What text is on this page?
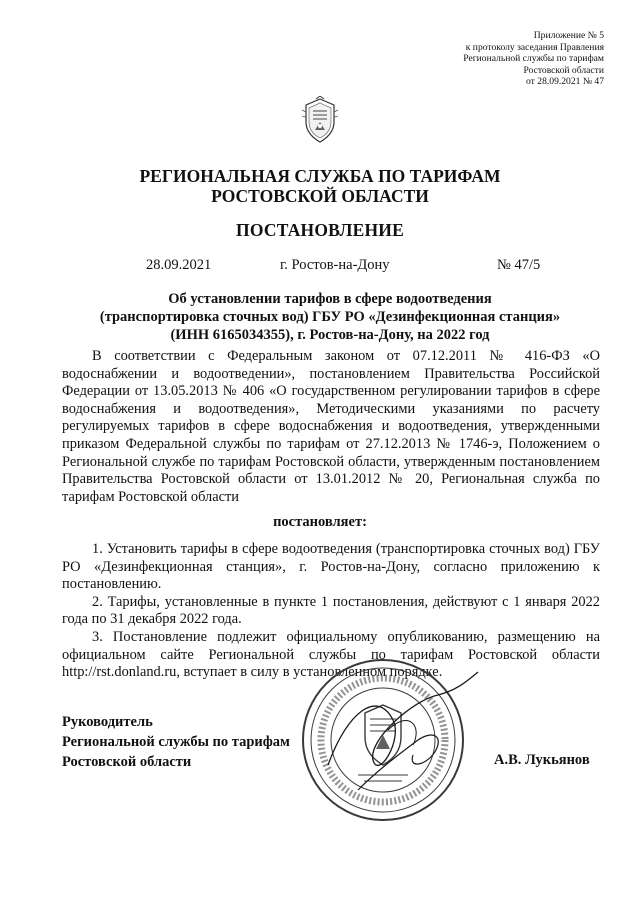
Приложение № 5
к протоколу заседания Правления
Региональной службы по тарифам
Ростовской области
от 28.09.2021 № 47
РЕГИОНАЛЬНАЯ СЛУЖБА ПО ТАРИФАМ
РОСТОВСКОЙ ОБЛАСТИ
ПОСТАНОВЛЕНИЕ
28.09.2021	г. Ростов-на-Дону	№ 47/5
Об установлении тарифов в сфере водоотведения
(транспортировка сточных вод) ГБУ РО «Дезинфекционная станция»
(ИНН 6165034355), г. Ростов-на-Дону, на 2022 год

В соответствии с Федеральным законом от 07.12.2011 № 416-ФЗ «О водоснабжении и водоотведении», постановлением Правительства Российской Федерации от 13.05.2013 № 406 «О государственном регулировании тарифов в сфере водоснабжения и водоотведения», Методическими указаниями по расчету регулируемых тарифов в сфере водоснабжения и водоотведения, утвержденными приказом Федеральной службы по тарифам от 27.12.2013 № 1746-э, Положением о Региональной службе по тарифам Ростовской области, утвержденным постановлением Правительства Ростовской области от 13.01.2012 № 20, Региональная служба по тарифам Ростовской области

постановляет:

1. Установить тарифы в сфере водоотведения (транспортировка сточных вод) ГБУ РО «Дезинфекционная станция», г. Ростов-на-Дону, согласно приложению к постановлению.

2. Тарифы, установленные в пункте 1 постановления, действуют с 1 января 2022 года по 31 декабря 2022 года.

3. Постановление подлежит официальному опубликованию, размещению на официальном сайте Региональной службы по тарифам Ростовской области http://rst.donland.ru, вступает в силу в установленном порядке.

Руководитель
Региональной службы по тарифам
Ростовской области	А.В. Лукьянов
